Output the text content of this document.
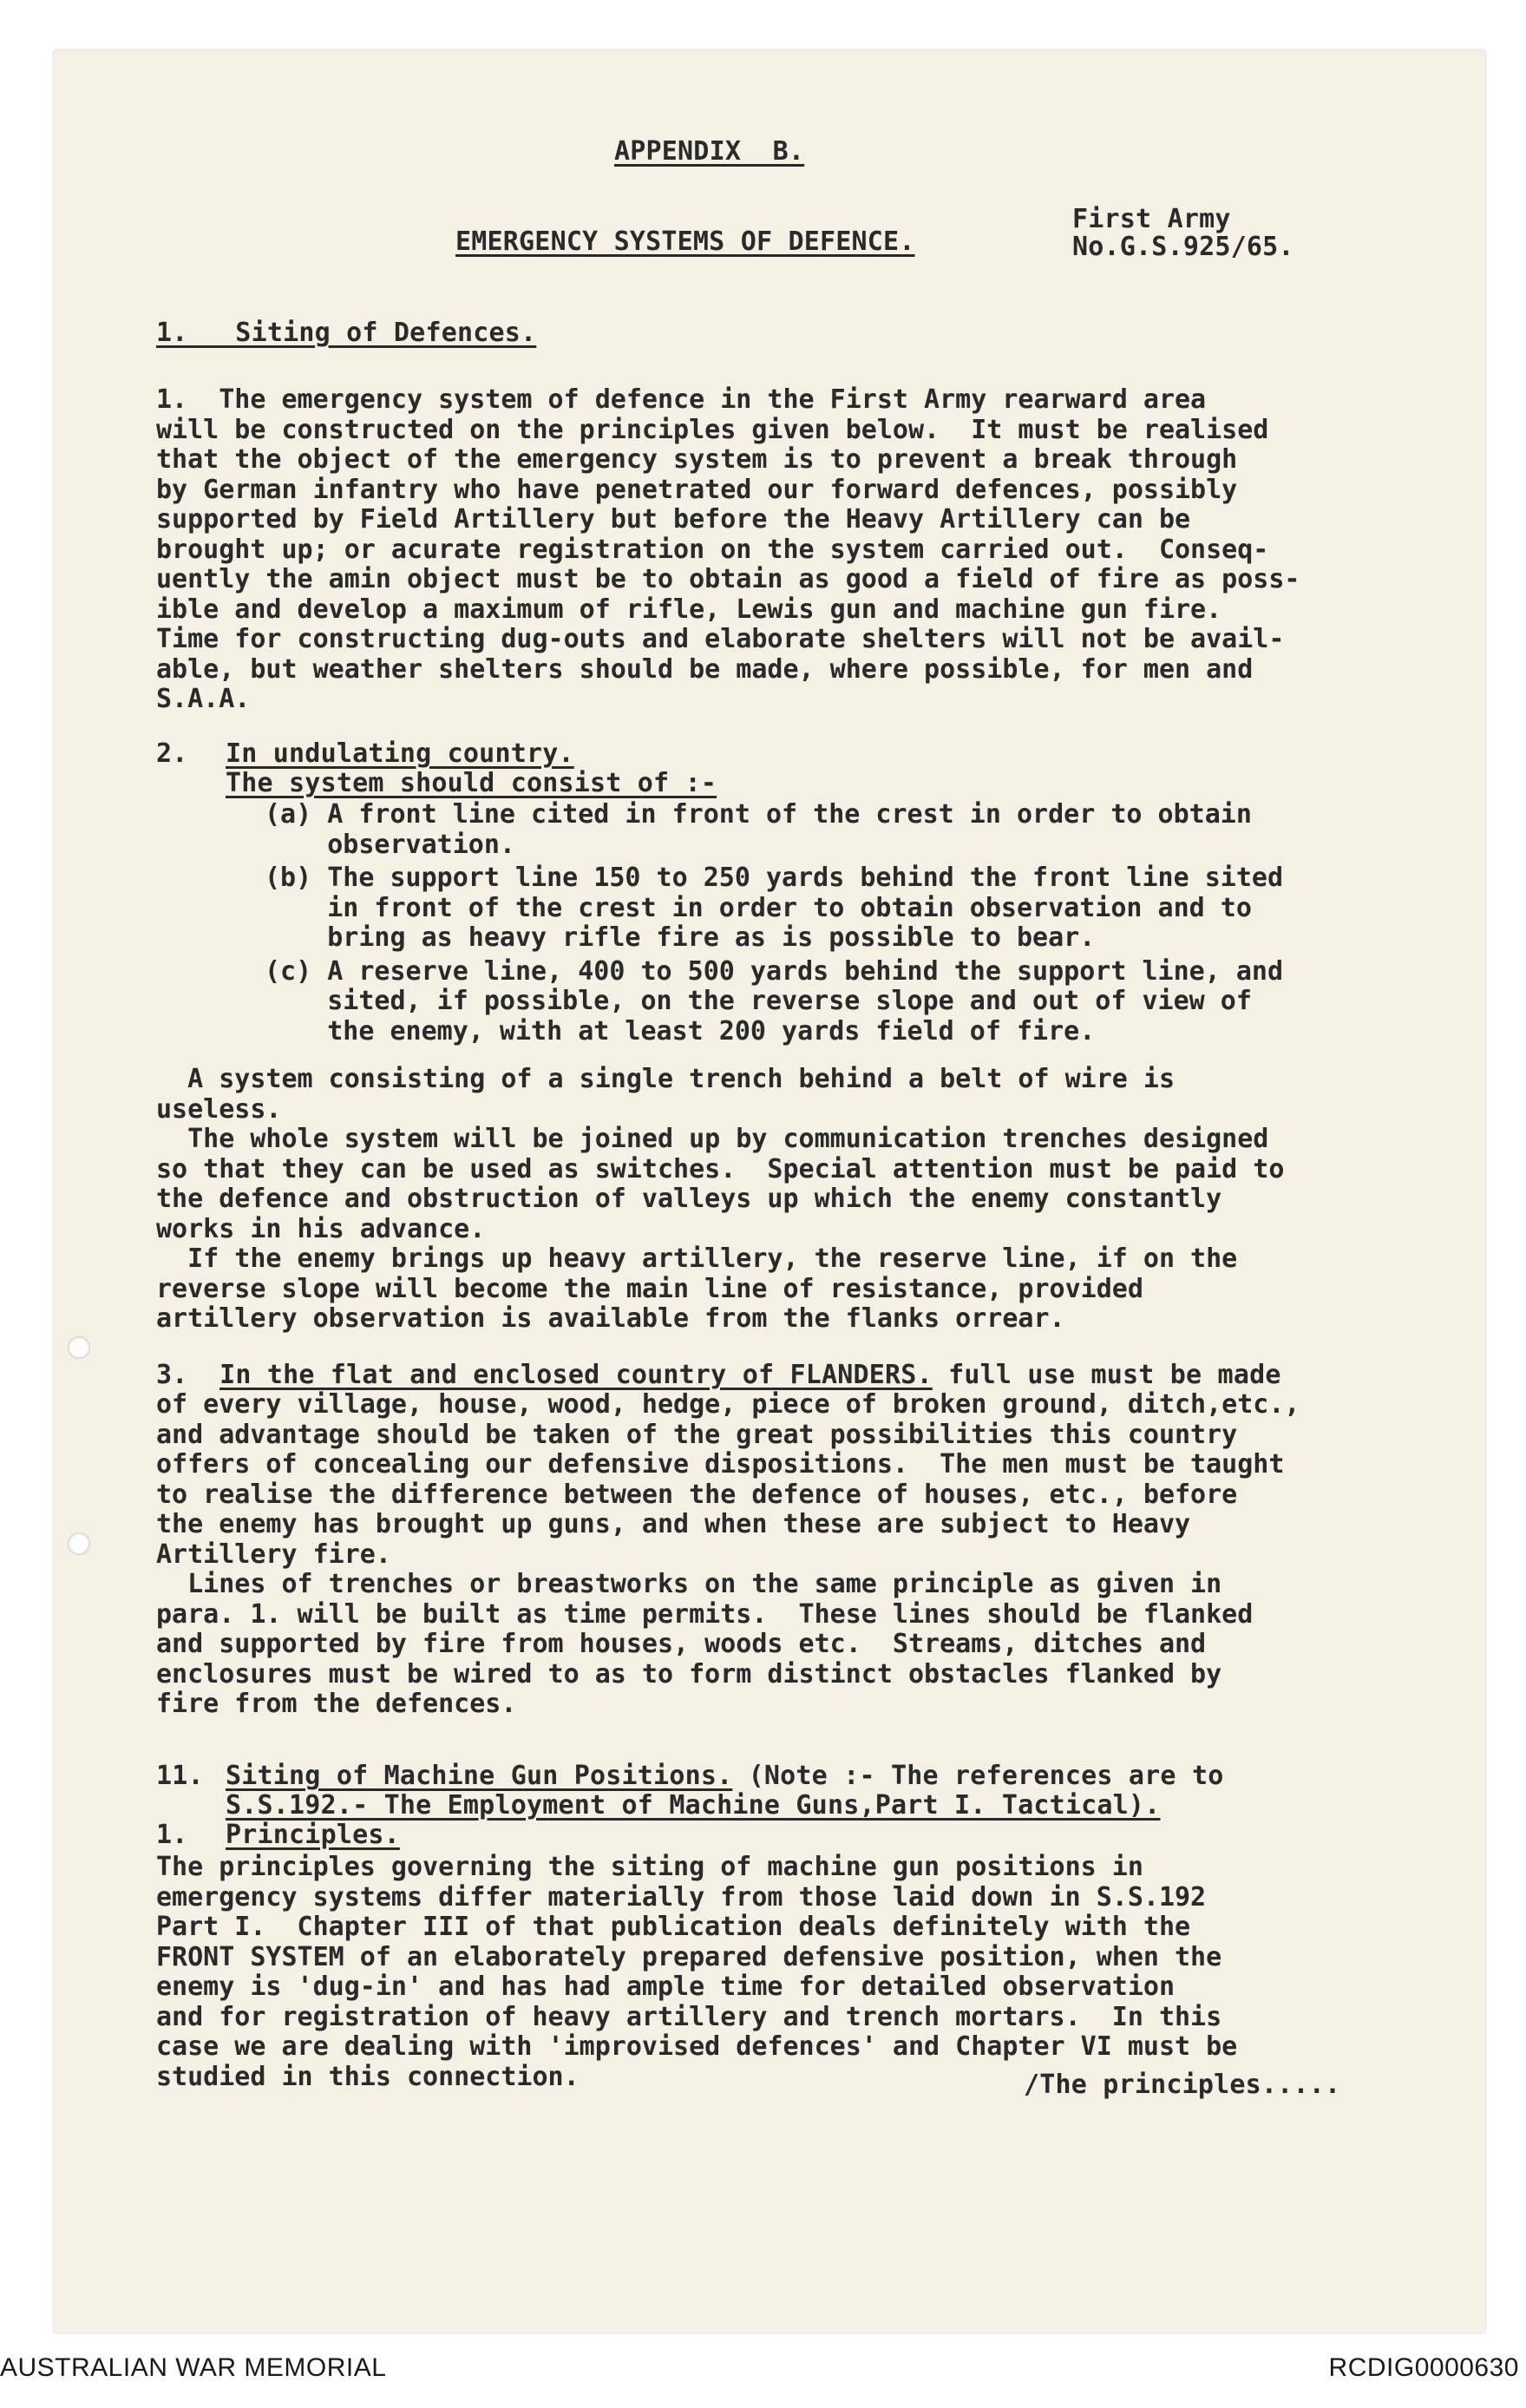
APPENDIX  B.
EMERGENCY SYSTEMS OF DEFENCE.
First Army
No.G.S.925/65.
1.   Siting of Defences.
1.  The emergency system of defence in the First Army rearward area
will be constructed on the principles given below.  It must be realised
that the object of the emergency system is to prevent a break through
by German infantry who have penetrated our forward defences, possibly
supported by Field Artillery but before the Heavy Artillery can be
brought up; or acurate registration on the system carried out.  Conseq-
uently the amin object must be to obtain as good a field of fire as poss-
ible and develop a maximum of rifle, Lewis gun and machine gun fire.
Time for constructing dug-outs and elaborate shelters will not be avail-
able, but weather shelters should be made, where possible, for men and
S.A.A.
2. In undulating country.
The system should consist of :-
(a) A front line cited in front of the crest in order to obtain
observation.
(b) The support line 150 to 250 yards behind the front line sited
in front of the crest in order to obtain observation and to
bring as heavy rifle fire as is possible to bear.
(c) A reserve line, 400 to 500 yards behind the support line, and
sited, if possible, on the reverse slope and out of view of
the enemy, with at least 200 yards field of fire.
A system consisting of a single trench behind a belt of wire is
useless.
The whole system will be joined up by communication trenches designed
so that they can be used as switches.  Special attention must be paid to
the defence and obstruction of valleys up which the enemy constantly
works in his advance.
If the enemy brings up heavy artillery, the reserve line, if on the
reverse slope will become the main line of resistance, provided
artillery observation is available from the flanks orrear.
3. In the flat and enclosed country of FLANDERS. full use must be made
of every village, house, wood, hedge, piece of broken ground, ditch,etc.,
and advantage should be taken of the great possibilities this country
offers of concealing our defensive dispositions.  The men must be taught
to realise the difference between the defence of houses, etc., before
the enemy has brought up guns, and when these are subject to Heavy
Artillery fire.
Lines of trenches or breastworks on the same principle as given in
para. 1. will be built as time permits.  These lines should be flanked
and supported by fire from houses, woods etc.  Streams, ditches and
enclosures must be wired to as to form distinct obstacles flanked by
fire from the defences.
11. Siting of Machine Gun Positions. (Note :- The references are to
S.S.192.- The Employment of Machine Guns,Part I. Tactical).
1. Principles.
The principles governing the siting of machine gun positions in
emergency systems differ materially from those laid down in S.S.192
Part I.  Chapter III of that publication deals definitely with the
FRONT SYSTEM of an elaborately prepared defensive position, when the
enemy is 'dug-in' and has had ample time for detailed observation
and for registration of heavy artillery and trench mortars.  In this
case we are dealing with 'improvised defences' and Chapter VI must be
studied in this connection.	/The principles.....
AUSTRALIAN WAR MEMORIAL	RCDIG0000630
